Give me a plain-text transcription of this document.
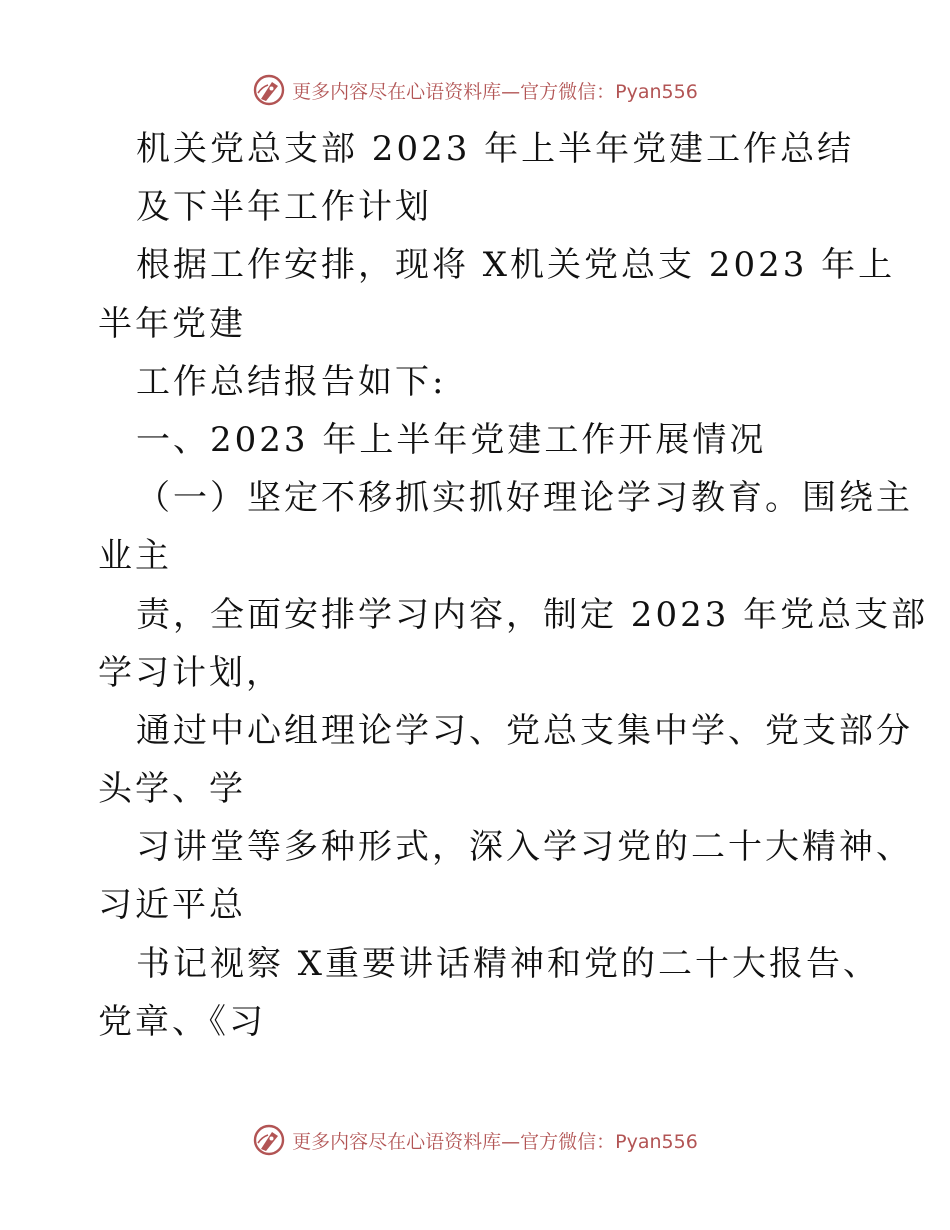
更多内容尽在心语资料库—官方微信：Pyan556
机关党总支部 2023 年上半年党建工作总结
及下半年工作计划
根据工作安排，现将 X机关党总支 2023 年上
半年党建
工作总结报告如下:
一、2023 年上半年党建工作开展情况
（一）坚定不移抓实抓好理论学习教育。围绕主
业主
责，全面安排学习内容，制定 2023 年党总支部
学习计划，
通过中心组理论学习、党总支集中学、党支部分
头学、学
习讲堂等多种形式，深入学习党的二十大精神、
习近平总
书记视察 X重要讲话精神和党的二十大报告、
党章、《习
更多内容尽在心语资料库—官方微信：Pyan556
